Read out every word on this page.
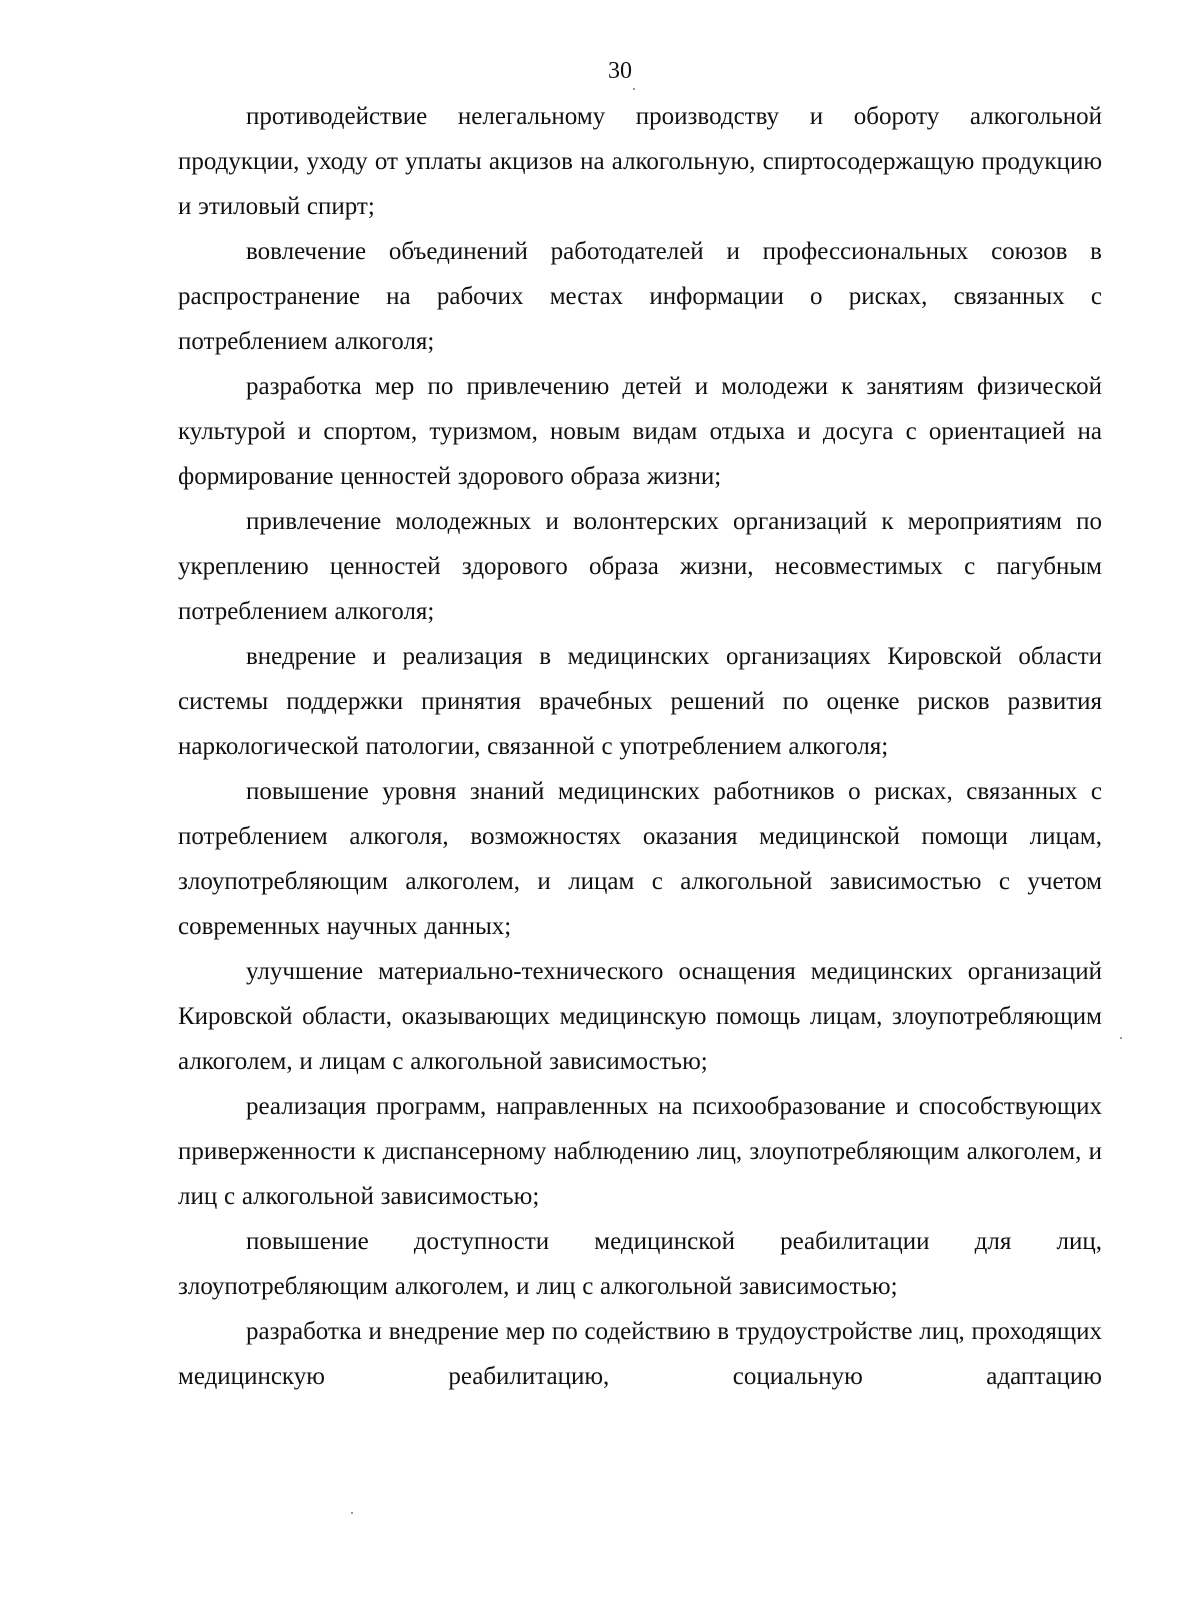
30

противодействие нелегальному производству и обороту алкогольной продукции, уходу от уплаты акцизов на алкогольную, спиртосодержащую продукцию и этиловый спирт;

вовлечение объединений работодателей и профессиональных союзов в распространение на рабочих местах информации о рисках, связанных с потреблением алкоголя;

разработка мер по привлечению детей и молодежи к занятиям физической культурой и спортом, туризмом, новым видам отдыха и досуга с ориентацией на формирование ценностей здорового образа жизни;

привлечение молодежных и волонтерских организаций к мероприятиям по укреплению ценностей здорового образа жизни, несовместимых с пагубным потреблением алкоголя;

внедрение и реализация в медицинских организациях Кировской области системы поддержки принятия врачебных решений по оценке рисков развития наркологической патологии, связанной с употреблением алкоголя;

повышение уровня знаний медицинских работников о рисках, связанных с потреблением алкоголя, возможностях оказания медицинской помощи лицам, злоупотребляющим алкоголем, и лицам с алкогольной зависимостью с учетом современных научных данных;

улучшение материально-технического оснащения медицинских организаций Кировской области, оказывающих медицинскую помощь лицам, злоупотребляющим алкоголем, и лицам с алкогольной зависимостью;

реализация программ, направленных на психообразование и способствующих приверженности к диспансерному наблюдению лиц, злоупотребляющим алкоголем, и лиц с алкогольной зависимостью;

повышение доступности медицинской реабилитации для лиц, злоупотребляющим алкоголем, и лиц с алкогольной зависимостью;

разработка и внедрение мер по содействию в трудоустройстве лиц, проходящих медицинскую реабилитацию, социальную адаптацию
